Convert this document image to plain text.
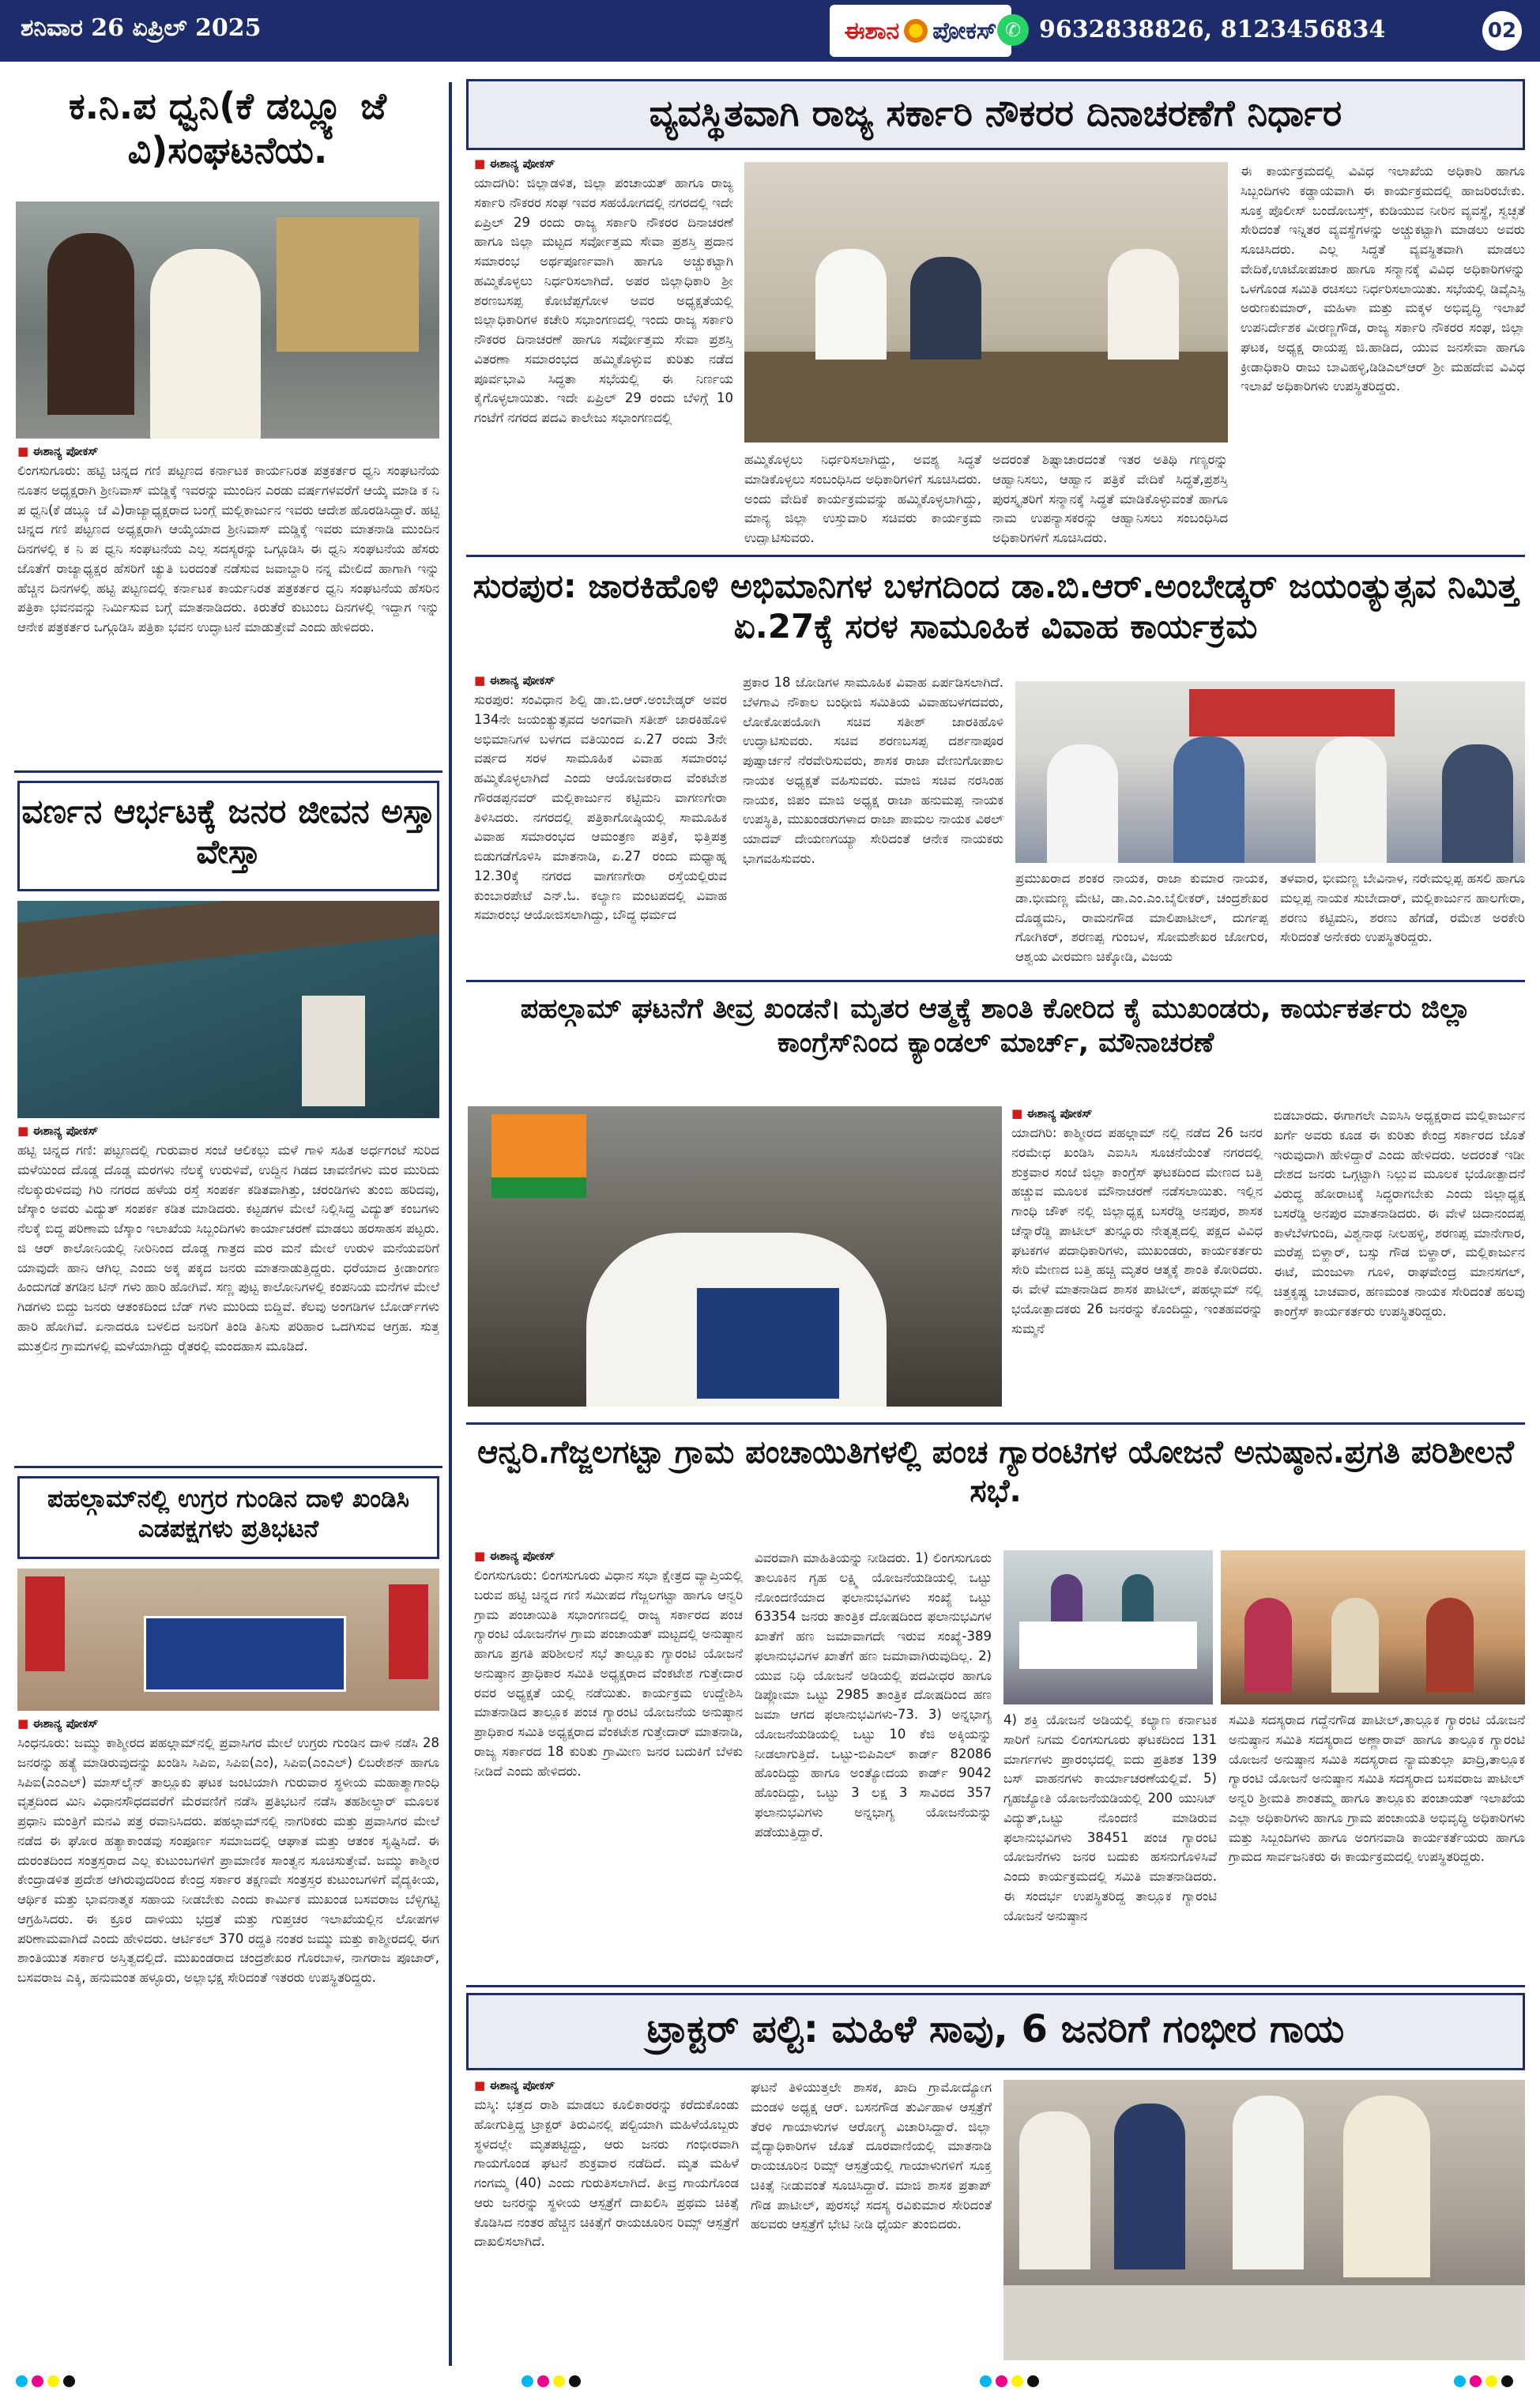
ಶನಿವಾರ 26 ಏಪ್ರಿಲ್ 2025	ಈಶಾನ ಪೋಕಸ್ ✆ 9632838826, 8123456834	02
ಕ.ನಿ.ಪ ಧ್ವನಿ(ಕೆ ಡಬ್ಲ್ಯೂ ಜೆ ವಿ)ಸಂಘಟನೆಯ.
■ ಈಶಾನ್ಯ ಪೋಕಸ್
ಲಿಂಗಸುಗೂರು: ಹಟ್ಟಿ ಚಿನ್ನದ ಗಣಿ ಪಟ್ಟಣದ ಕರ್ನಾಟಕ ಕಾರ್ಯನಿರತ ಪತ್ರಕರ್ತರ ಧ್ವನಿ ಸಂಘಟನೆಯ ನೂತನ ಅಧ್ಯಕ್ಷರಾಗಿ ಶ್ರೀನಿವಾಸ್ ಮಡ್ಡಿಕ್ಕೆ ಇವರನ್ನು ಮುಂದಿನ ಎರಡು ವರ್ಷಗಳವರೆಗೆ ಆಯ್ಕೆ ಮಾಡಿ ಕ ನಿ ಪ ಧ್ವನಿ(ಕೆ ಡಬ್ಲ್ಯೂ ಜೆ ವಿ)ರಾಜ್ಯಾಧ್ಯಕ್ಷರಾದ ಬಂಗ್ಲೆ ಮಲ್ಲಿಕಾರ್ಜುನ ಇವರು ಆದೇಶ ಹೊರಡಿಸಿದ್ದಾರೆ. ಹಟ್ಟಿ ಚಿನ್ನದ ಗಣಿ ಪಟ್ಟಣದ ಅಧ್ಯಕ್ಷರಾಗಿ ಆಯ್ಕೆಯಾದ ಶ್ರೀನಿವಾಸ್ ಮಡ್ಡಿಕ್ಕೆ ಇವರು ಮಾತನಾಡಿ ಮುಂದಿನ ದಿನಗಳಲ್ಲಿ ಕ ನಿ ಪ ಧ್ವನಿ ಸಂಘಟನೆಯ ಎಲ್ಲ ಸದಸ್ಯರನ್ನು ಒಗ್ಗೂಡಿಸಿ ಈ ಧ್ವನಿ ಸಂಘಟನೆಯ ಹೆಸರು ಜೊತೆಗೆ ರಾಜ್ಯಾಧ್ಯಕ್ಷರ ಹೆಸರಿಗೆ ಚ್ಯುತಿ ಬರದಂತೆ ನಡೆಸುವ ಜವಾಬ್ದಾರಿ ನನ್ನ ಮೇಲಿದೆ ಹಾಗಾಗಿ ಇನ್ನು ಹೆಚ್ಚಿನ ದಿನಗಳಲ್ಲಿ ಹಟ್ಟಿ ಪಟ್ಟಣದಲ್ಲಿ ಕರ್ನಾಟಕ ಕಾರ್ಯನಿರತ ಪತ್ರಕರ್ತರ ಧ್ವನಿ ಸಂಘಟನೆಯ ಹೆಸರಿನ ಪತ್ರಿಕಾ ಭವನವನ್ನು ನಿರ್ಮಿಸುವ ಬಗ್ಗೆ ಮಾತನಾಡಿದರು. ಕಿರುತೆರೆ ಕುಟುಂಬ ದಿನಗಳಲ್ಲಿ ಇದ್ದಾಗ ಇನ್ನು ಆನೇಕ ಪತ್ರಕರ್ತರ ಒಗ್ಗೂಡಿಸಿ ಪತ್ರಿಕಾ ಭವನ ಉದ್ಘಾಟನೆ ಮಾಡುತ್ತೇವೆ ಎಂದು ಹೇಳಿದರು.
ವರ್ಣನ ಆರ್ಭಟಕ್ಕೆ ಜನರ ಜೀವನ ಅಸ್ತಾ ವೇಸ್ತಾ
■ ಈಶಾನ್ಯ ಪೋಕಸ್
ಹಟ್ಟಿ ಚಿನ್ನದ ಗಣಿ: ಪಟ್ಟಣದಲ್ಲಿ ಗುರುವಾರ ಸಂಜೆ ಆಲಿಕಲ್ಲು ಮಳೆ ಗಾಳಿ ಸಹಿತ ಅರ್ಧಗಂಟೆ ಸುರಿದ ಮಳೆಯಿಂದ ದೊಡ್ಡ ದೊಡ್ಡ ಮರಗಳು ನೆಲಕ್ಕೆ ಉರುಳಿವೆ, ಉದ್ದಿನ ಗಿಡದ ಚಾವಣಿಗಳು ಮರ ಮುರಿದು ನೆಲಕ್ಕುರುಳಿದವು ಗಿರಿ ನಗರದ ಹಳೆಯ ರಸ್ತೆ ಸಂಪರ್ಕ ಕಡಿತವಾಗಿತ್ತು, ಚರಂಡಿಗಳು ತುಂಬಿ ಹರಿದವು, ಜೆಸ್ಕಾಂ ಅವರು ವಿದ್ಯುತ್ ಸಂಪರ್ಕ ಕಡಿತ ಮಾಡಿದರು. ಕಟ್ಟಡಗಳ ಮೇಲೆ ನಿಲ್ಲಿಸಿದ್ದ ವಿದ್ಯುತ್ ಕಂಬಗಳು ನೆಲಕ್ಕೆ ಬಿದ್ದ ಪರಿಣಾಮ ಜೆಸ್ಕಾಂ ಇಲಾಖೆಯ ಸಿಬ್ಬಂದಿಗಳು ಕಾರ್ಯಾಚರಣೆ ಮಾಡಲು ಹರಸಾಹಸ ಪಟ್ಟರು. ಜಿ ಆರ್ ಕಾಲೋನಿಯಲ್ಲಿ ನೀರಿನಿಂದ ದೊಡ್ಡ ಗಾತ್ರದ ಮರ ಮನೆ ಮೇಲೆ ಉರುಳಿ ಮನೆಯವರಿಗೆ ಯಾವುದೇ ಹಾನಿ ಆಗಿಲ್ಲ ಎಂದು ಅಕ್ಕ ಪಕ್ಕದ ಜನರು ಮಾತನಾಡುತ್ತಿದ್ದರು. ಧರೆಯಾದ ಕ್ರೀಡಾಂಗಣ ಹಿಂದುಗಡೆ ತಗಡಿನ ಟಿನ್ ಗಳು ಹಾರಿ ಹೋಗಿವೆ. ಸಣ್ಣ ಪುಟ್ಟ ಕಾಲೋನಿಗಳಲ್ಲಿ ಕಂಪನಿಯ ಮನೆಗಳ ಮೇಲೆ ಗಿಡಗಳು ಬಿದ್ದು ಜನರು ಆತಂಕದಿಂದ ಬೆಡ್ ಗಳು ಮುರಿದು ಬಿದ್ದಿವೆ. ಕೆಲವು ಅಂಗಡಿಗಳ ಬೋರ್ಡ್‌ಗಳು ಹಾರಿ ಹೋಗಿವೆ. ಏನಾದರೂ ಬಳಲಿದ ಜನರಿಗೆ ತಿಂಡಿ ತಿನಿಸು ಪರಿಹಾರ ಒದಗಿಸುವ ಆಗ್ರಹ. ಸುತ್ತ ಮುತ್ತಲಿನ ಗ್ರಾಮಗಳಲ್ಲಿ ಮಳೆಯಾಗಿದ್ದು ರೈತರಲ್ಲಿ ಮಂದಹಾಸ ಮೂಡಿದೆ.
ಪಹಲ್ಗಾಮ್‌ನಲ್ಲಿ ಉಗ್ರರ ಗುಂಡಿನ ದಾಳಿ ಖಂಡಿಸಿ ಎಡಪಕ್ಷಗಳು ಪ್ರತಿಭಟನೆ
■ ಈಶಾನ್ಯ ಪೋಕಸ್
ಸಿಂಧನೂರು: ಜಮ್ಮು ಕಾಶ್ಮೀರದ ಪಹಲ್ಗಾಮ್‌ನಲ್ಲಿ ಪ್ರವಾಸಿಗರ ಮೇಲೆ ಉಗ್ರರು ಗುಂಡಿನ ದಾಳಿ ನಡೆಸಿ 28 ಜನರನ್ನು ಹತ್ಯೆ ಮಾಡಿರುವುದನ್ನು ಖಂಡಿಸಿ ಸಿಪಿಐ, ಸಿಪಿಐ(ಎಂ), ಸಿಪಿಐ(ಎಂಎಲ್) ಲಿಬರೇಶನ್ ಹಾಗೂ ಸಿಪಿಐ(ಎಂಎಲ್) ಮಾಸ್‌ಲೈನ್ ತಾಲ್ಲೂಕು ಘಟಕ ಜಂಟಿಯಾಗಿ ಗುರುವಾರ ಸ್ಥಳೀಯ ಮಹಾತ್ಮಾಗಾಂಧಿ ವೃತ್ತದಿಂದ ಮಿನಿ ವಿಧಾನಸೌಧದವರೆಗೆ ಮೆರವಣಿಗೆ ನಡೆಸಿ ಪ್ರತಿಭಟನೆ ನಡೆಸಿ ತಹಶೀಲ್ದಾರ್ ಮೂಲಕ ಪ್ರಧಾನಿ ಮಂತ್ರಿಗೆ ಮನವಿ ಪತ್ರ ರವಾನಿಸಿದರು. ಪಹಲ್ಗಾಮ್‌ನಲ್ಲಿ ನಾಗರಿಕರು ಮತ್ತು ಪ್ರವಾಸಿಗರ ಮೇಲೆ ನಡೆದ ಈ ಘೋರ ಹತ್ಯಾಕಾಂಡವು ಸಂಪೂರ್ಣ ಸಮಾಜದಲ್ಲಿ ಆಘಾತ ಮತ್ತು ಆತಂಕ ಸೃಷ್ಟಿಸಿದೆ. ಈ ದುರಂತದಿಂದ ಸಂತ್ರಸ್ತರಾದ ಎಲ್ಲ ಕುಟುಂಬಗಳಿಗೆ ಪ್ರಾಮಾಣಿಕ ಸಾಂತ್ವನ ಸೂಚಿಸುತ್ತೇವೆ. ಜಮ್ಮು ಕಾಶ್ಮೀರ ಕೇಂದ್ರಾಡಳಿತ ಪ್ರದೇಶ ಆಗಿರುವುದರಿಂದ ಕೇಂದ್ರ ಸರ್ಕಾರ ತಕ್ಷಣವೇ ಸಂತ್ರಸ್ತರ ಕುಟುಂಬಗಳಿಗೆ ವೈದ್ಯಕೀಯ, ಆರ್ಥಿಕ ಮತ್ತು ಭಾವನಾತ್ಮಕ ಸಹಾಯ ನೀಡಬೇಕು ಎಂದು ಕಾರ್ಮಿಕ ಮುಖಂಡ ಬಸವರಾಜ ಬೆಳ್ಳಿಗಟ್ಟಿ ಆಗ್ರಹಿಸಿದರು. ಈ ಕ್ರೂರ ದಾಳಿಯು ಭದ್ರತೆ ಮತ್ತು ಗುಪ್ತಚರ ಇಲಾಖೆಯಲ್ಲಿನ ಲೋಪಗಳ ಪರಿಣಾಮವಾಗಿದೆ ಎಂದು ಹೇಳಿದರು. ಆರ್ಟಿಕಲ್ 370 ರದ್ದತಿ ನಂತರ ಜಮ್ಮು ಮತ್ತು ಕಾಶ್ಮೀರದಲ್ಲಿ ಈಗ ಶಾಂತಿಯುತ ಸರ್ಕಾರ ಅಸ್ತಿತ್ವದಲ್ಲಿದೆ. ಮುಖಂಡರಾದ ಚಂದ್ರಶೇಖರ ಗೊರಬಾಳ, ನಾಗರಾಜ ಪೂಜಾರ್, ಬಸವರಾಜ ಎಕ್ಕಿ, ಹನುಮಂತ ಹಳ್ಳೂರು, ಅಲ್ಲಾಭಕ್ಷ ಸೇರಿದಂತೆ ಇತರರು ಉಪಸ್ಥಿತರಿದ್ದರು.
ವ್ಯವಸ್ಥಿತವಾಗಿ ರಾಜ್ಯ ಸರ್ಕಾರಿ ನೌಕರರ ದಿನಾಚರಣೆಗೆ ನಿರ್ಧಾರ
■ ಈಶಾನ್ಯ ಪೋಕಸ್
ಯಾದಗಿರಿ: ಜಿಲ್ಲಾಡಳಿತ, ಜಿಲ್ಲಾ ಪಂಚಾಯತ್ ಹಾಗೂ ರಾಜ್ಯ ಸರ್ಕಾರಿ ನೌಕರರ ಸಂಘ ಇವರ ಸಹಯೋಗದಲ್ಲಿ ನಗರದಲ್ಲಿ ಇದೇ ಏಪ್ರಿಲ್ 29 ರಂದು ರಾಜ್ಯ ಸರ್ಕಾರಿ ನೌಕರರ ದಿನಾಚರಣೆ ಹಾಗೂ ಜಿಲ್ಲಾ ಮಟ್ಟದ ಸರ್ವೋತ್ತಮ ಸೇವಾ ಪ್ರಶಸ್ತಿ ಪ್ರದಾನ ಸಮಾರಂಭ ಅರ್ಥಪೂರ್ಣವಾಗಿ ಹಾಗೂ ಅಚ್ಚುಕಟ್ಟಾಗಿ ಹಮ್ಮಿಕೊಳ್ಳಲು ನಿರ್ಧರಿಸಲಾಗಿದೆ. ಅಪರ ಜಿಲ್ಲಾಧಿಕಾರಿ ಶ್ರೀ ಶರಣಬಸಪ್ಪ ಕೋಟೆಪ್ಪಗೋಳ ಅವರ ಅಧ್ಯಕ್ಷತೆಯಲ್ಲಿ ಜಿಲ್ಲಾಧಿಕಾರಿಗಳ ಕಚೇರಿ ಸಭಾಂಗಣದಲ್ಲಿ ಇಂದು ರಾಜ್ಯ ಸರ್ಕಾರಿ ನೌಕರರ ದಿನಾಚರಣೆ ಹಾಗೂ ಸರ್ವೋತ್ತಮ ಸೇವಾ ಪ್ರಶಸ್ತಿ ವಿತರಣಾ ಸಮಾರಂಭದ ಹಮ್ಮಿಕೊಳ್ಳುವ ಕುರಿತು ನಡೆದ ಪೂರ್ವಭಾವಿ ಸಿದ್ಧತಾ ಸಭೆಯಲ್ಲಿ ಈ ನಿರ್ಣಯ ಕೈಗೊಳ್ಳಲಾಯಿತು. ಇದೇ ಏಪ್ರಿಲ್ 29 ರಂದು ಬೆಳಿಗ್ಗೆ 10 ಗಂಟೆಗೆ ನಗರದ ಪದವಿ ಕಾಲೇಜು ಸಭಾಂಗಣದಲ್ಲಿ
ಹಮ್ಮಿಕೊಳ್ಳಲು ನಿರ್ಧರಿಸಲಾಗಿದ್ದು, ಅವಶ್ಯ ಸಿದ್ಧತೆ ಮಾಡಿಕೊಳ್ಳಲು ಸಂಬಂಧಿಸಿದ ಅಧಿಕಾರಿಗಳಿಗೆ ಸೂಚಿಸಿದರು. ಅಂದು ವೇದಿಕೆ ಕಾರ್ಯಕ್ರಮವನ್ನು ಹಮ್ಮಿಕೊಳ್ಳಲಾಗಿದ್ದು, ಮಾನ್ಯ ಜಿಲ್ಲಾ ಉಸ್ತುವಾರಿ ಸಚಿವರು ಕಾರ್ಯಕ್ರಮ ಉದ್ಘಾಟಿಸುವರು.
ಅದರಂತೆ ಶಿಷ್ಟಾಚಾರದಂತೆ ಇತರ ಅತಿಥಿ ಗಣ್ಯರನ್ನು ಆಹ್ವಾನಿಸಲು, ಆಹ್ವಾನ ಪತ್ರಿಕೆ ವೇದಿಕೆ ಸಿದ್ಧತೆ,ಪ್ರಶಸ್ತಿ ಪುರಸ್ಕೃತರಿಗೆ ಸನ್ಮಾನಕ್ಕೆ ಸಿದ್ಧತೆ ಮಾಡಿಕೊಳ್ಳುವಂತೆ ಹಾಗೂ ನಾಮ ಉಪನ್ಯಾಸಕರನ್ನು ಆಹ್ವಾನಿಸಲು ಸಂಬಂಧಿಸಿದ ಅಧಿಕಾರಿಗಳಿಗೆ ಸೂಚಿಸಿದರು.
ಈ ಕಾರ್ಯಕ್ರಮದಲ್ಲಿ ವಿವಿಧ ಇಲಾಖೆಯ ಅಧಿಕಾರಿ ಹಾಗೂ ಸಿಬ್ಬಂದಿಗಳು ಕಡ್ಡಾಯವಾಗಿ ಈ ಕಾರ್ಯಕ್ರಮದಲ್ಲಿ ಹಾಜರಿರಬೇಕು. ಸೂಕ್ತ ಪೊಲೀಸ್ ಬಂದೋಬಸ್ತ್, ಕುಡಿಯುವ ನೀರಿನ ವ್ಯವಸ್ಥೆ, ಸ್ವಚ್ಛತೆ ಸೇರಿದಂತೆ ಇನ್ನಿತರ ವ್ಯವಸ್ಥೆಗಳನ್ನು ಅಚ್ಚುಕಟ್ಟಾಗಿ ಮಾಡಲು ಅವರು ಸೂಚಿಸಿದರು. ಎಲ್ಲ ಸಿದ್ಧತೆ ವ್ಯವಸ್ಥಿತವಾಗಿ ಮಾಡಲು ವೇದಿಕೆ,ಊಟೋಪಚಾರ ಹಾಗೂ ಸನ್ಮಾನಕ್ಕೆ ವಿವಿಧ ಅಧಿಕಾರಿಗಳನ್ನು ಒಳಗೊಂಡ ಸಮಿತಿ ರಚಿಸಲು ನಿರ್ಧರಿಸಲಾಯಿತು. ಸಭೆಯಲ್ಲಿ ಡಿವೈಎಸ್ಪಿ ಅರುಣಕುಮಾರ್, ಮಹಿಳಾ ಮತ್ತು ಮಕ್ಕಳ ಅಭಿವೃದ್ಧಿ ಇಲಾಖೆ ಉಪನಿರ್ದೇಶಕ ವೀರಣ್ಣಗೌಡ, ರಾಜ್ಯ ಸರ್ಕಾರಿ ನೌಕರರ ಸಂಘ, ಜಿಲ್ಲಾ ಘಟಕ, ಅಧ್ಯಕ್ಷ ರಾಯಪ್ಪ ಜಿ.ಹಾಡಿದ, ಯುವ ಜನಸೇವಾ ಹಾಗೂ ಕ್ರೀಡಾಧಿಕಾರಿ ರಾಜು ಬಾವಿಹಳ್ಳಿ,ಡಿಡಿಎಲ್ಆರ್ ಶ್ರೀ ಮಹದೇವ ವಿವಿಧ ಇಲಾಖೆ ಅಧಿಕಾರಿಗಳು ಉಪಸ್ಥಿತರಿದ್ದರು.
ಸುರಪುರ: ಜಾರಕಿಹೊಳಿ ಅಭಿಮಾನಿಗಳ ಬಳಗದಿಂದ ಡಾ.ಬಿ.ಆರ್.ಅಂಬೇಡ್ಕರ್ ಜಯಂತ್ಯುತ್ಸವ ನಿಮಿತ್ತ ಏ.27ಕ್ಕೆ ಸರಳ ಸಾಮೂಹಿಕ ವಿವಾಹ ಕಾರ್ಯಕ್ರಮ
■ ಈಶಾನ್ಯ ಪೋಕಸ್
ಸುರಪುರ: ಸಂವಿಧಾನ ಶಿಲ್ಪಿ ಡಾ.ಬಿ.ಆರ್.ಅಂಬೇಡ್ಕರ್ ಅವರ 134ನೇ ಜಯಂತ್ಯುತ್ಸವದ ಅಂಗವಾಗಿ ಸತೀಶ್ ಜಾರಕಿಹೊಳಿ ಅಭಿಮಾನಿಗಳ ಬಳಗದ ವತಿಯಿಂದ ಏ.27 ರಂದು 3ನೇ ವರ್ಷದ ಸರಳ ಸಾಮೂಹಿಕ ವಿವಾಹ ಸಮಾರಂಭ ಹಮ್ಮಿಕೊಳ್ಳಲಾಗಿದೆ ಎಂದು ಆಯೋಜಕರಾದ ವೆಂಕಟೇಶ ಗೌರಡಪ್ಪನವರ್ ಮಲ್ಲಿಕಾರ್ಜುನ ಕಟ್ಟಿಮನಿ ವಾಗಣಗೇರಾ ತಿಳಿಸಿದರು. ನಗರದಲ್ಲಿ ಪತ್ರಿಕಾಗೋಷ್ಠಿಯಲ್ಲಿ ಸಾಮೂಹಿಕ ವಿವಾಹ ಸಮಾರಂಭದ ಆಮಂತ್ರಣ ಪತ್ರಿಕೆ, ಭಿತ್ತಿಪತ್ರ ಬಿಡುಗಡೆಗೊಳಿಸಿ ಮಾತನಾಡಿ, ಏ.27 ರಂದು ಮಧ್ಯಾಹ್ನ 12.30ಕ್ಕೆ ನಗರದ ವಾಗಣಗೇರಾ ರಸ್ತೆಯಲ್ಲಿರುವ ಕುಂಬಾರಪೇಟೆ ಎನ್.ಓ. ಕಲ್ಯಾಣ ಮಂಟಪದಲ್ಲಿ ವಿವಾಹ ಸಮಾರಂಭ ಆಯೋಜಿಸಲಾಗಿದ್ದು, ಬೌದ್ಧ ಧರ್ಮದ
ಪ್ರಕಾರ 18 ಜೋಡಿಗಳ ಸಾಮೂಹಿಕ ವಿವಾಹ ಏರ್ಪಡಿಸಲಾಗಿದೆ. ಬೆಳಗಾವಿ ನೌಕಾಲ ಬಂಧೀಜಿ ಸಮಿತಿಯ ವಿವಾಹಬಳಗದವರು, ಲೋಕೋಪಯೋಗಿ ಸಚಿವ ಸತೀಶ್ ಜಾರಕಿಹೊಳಿ ಉದ್ಘಾಟಿಸುವರು. ಸಚಿವ ಶರಣಬಸಪ್ಪ ದರ್ಶನಾಪೂರ ಪುಷ್ಪಾರ್ಚನೆ ನೆರವೇರಿಸುವರು, ಶಾಸಕ ರಾಜಾ ವೇಣುಗೋಪಾಲ ನಾಯಕ ಅಧ್ಯಕ್ಷತೆ ವಹಿಸುವರು. ಮಾಜಿ ಸಚಿವ ನರಸಿಂಹ ನಾಯಕ, ಜಿಪಂ ಮಾಜಿ ಅಧ್ಯಕ್ಷ ರಾಜಾ ಹನುಮಪ್ಪ ನಾಯಕ ಉಪಸ್ಥಿತಿ, ಮುಖಂಡರುಗಳಾದ ರಾಜಾ ಪಾಮಲ ನಾಯಕ ವಿಠಲ್ ಯಾದವ್ ದೇಯಣಗಯ್ಯಾ ಸೇರಿದಂತೆ ಆನೇಕ ನಾಯಕರು ಭಾಗವಹಿಸುವರು.
ಪ್ರಮುಖರಾದ ಶಂಕರ ನಾಯಕ, ರಾಜಾ ಕುಮಾರ ನಾಯಕ, ಡಾ.ಭೀಮಣ್ಣ ಮೇಟಿ, ಡಾ.ಎಂ.ಎಂ.ಬೈಲೀಕರ್, ಚಂದ್ರಶೇಖರ ದೊಡ್ಡಮನಿ, ರಾಮನಗೌಡ ಮಾಲಿಪಾಟೀಲ್, ದುರ್ಗಪ್ಪ ಗೋಗಿಕರ್, ಶರಣಪ್ಪ ಗುಂಬಳ, ಸೋಮಶೇಖರ ಜೋಗುರ, ಆಶ್ವಯ ವೀರಮಣ ಚಿಕ್ಕೋಡಿ, ವಿಜಯ
ತಳವಾರ, ಭೀಮಣ್ಣ ಬೇವಿನಾಳ, ನರೇಮಲ್ಲಪ್ಪ ಹಸಲಿ ಹಾಗೂ ಮಲ್ಲಪ್ಪ ನಾಯಕ ಸುಬೇದಾರ್, ಮಲ್ಲಿಕಾರ್ಜುನ ಹಾಲಗೇರಾ, ಶರಣು ಕಟ್ಟಿಮನಿ, ಶರಣು ಹೆಗಡೆ, ರಮೇಶ ಅರಕೇರಿ ಸೇರಿದಂತೆ ಅನೇಕರು ಉಪಸ್ಥಿತರಿದ್ದರು.
ಪಹಲ್ಗಾಮ್ ಘಟನೆಗೆ ತೀವ್ರ ಖಂಡನೆ। ಮೃತರ ಆತ್ಮಕ್ಕೆ ಶಾಂತಿ ಕೋರಿದ ಕೈ ಮುಖಂಡರು, ಕಾರ್ಯಕರ್ತರು ಜಿಲ್ಲಾ ಕಾಂಗ್ರೆಸ್‌ನಿಂದ ಕ್ಯಾಂಡಲ್ ಮಾರ್ಚ್, ಮೌನಾಚರಣೆ
■ ಈಶಾನ್ಯ ಪೋಕಸ್
ಯಾದಗಿರಿ: ಕಾಶ್ಮೀರದ ಪಹಲ್ಗಾಮ್ ನಲ್ಲಿ ನಡೆದ 26 ಜನರ ನರಮೇಧ ಖಂಡಿಸಿ ಎಐಸಿಸಿ ಸೂಚನೆಯೆಂತೆ ನಗರದಲ್ಲಿ ಶುಕ್ರವಾರ ಸಂಜೆ ಜಿಲ್ಲಾ ಕಾಂಗ್ರೆಸ್ ಘಟಕದಿಂದ ಮೇಣದ ಬತ್ತಿ ಹಚ್ಚುವ ಮೂಲಕ ಮೌನಾಚರಣೆ ನಡೆಸಲಾಯಿತು. ಇಲ್ಲಿನ ಗಾಂಧಿ ಚೌಕ್ ನಲ್ಲಿ ಜಿಲ್ಲಾಧ್ಯಕ್ಷ ಬಸರೆಡ್ಡಿ ಅನಪುರ, ಶಾಸಕ ಚೆನ್ನಾರೆಡ್ಡಿ ಪಾಟೀಲ್ ತುನ್ನೂರು ನೇತೃತ್ವದಲ್ಲಿ ಪಕ್ಷದ ವಿವಿಧ ಘಟಕಗಳ ಪದಾಧಿಕಾರಿಗಳು, ಮುಖಂಡರು, ಕಾರ್ಯಕರ್ತರು ಸೇರಿ ಮೇಣದ ಬತ್ತಿ ಹಚ್ಚಿ ಮೃತರ ಆತ್ಮಕ್ಕೆ ಶಾಂತಿ ಕೋರಿದರು. ಈ ವೇಳೆ ಮಾತನಾಡಿದ ಶಾಸಕ ಪಾಟೀಲ್, ಪಹಲ್ಗಾಮ್ ನಲ್ಲಿ ಭಯೋತ್ಪಾದಕರು 26 ಜನರನ್ನು ಕೊಂದಿದ್ದು, ಇಂತಹವರನ್ನು ಸುಮ್ಮನೆ
ಬಿಡಬಾರದು. ಈಗಾಗಲೇ ಎಐಸಿಸಿ ಅಧ್ಯಕ್ಷರಾದ ಮಲ್ಲಿಕಾರ್ಜುನ ಖರ್ಗೆ ಅವರು ಕೂಡ ಈ ಕುರಿತು ಕೇಂದ್ರ ಸರ್ಕಾರದ ಜೊತೆ ಇರುವುದಾಗಿ ಹೇಳಿದ್ದಾರೆ ಎಂದು ಹೇಳಿದರು. ಅದರಂತೆ ಇಡೀ ದೇಶದ ಜನರು ಒಗ್ಗಟ್ಟಾಗಿ ನಿಲ್ಲುವ ಮೂಲಕ ಭಯೋತ್ಪಾದನೆ ವಿರುದ್ಧ ಹೋರಾಟಕ್ಕೆ ಸಿದ್ಧರಾಗಬೇಕು ಎಂದು ಜಿಲ್ಲಾಧ್ಯಕ್ಷ ಬಸರೆಡ್ಡಿ ಅನಪುರ ಮಾತನಾಡಿದರು. ಈ ವೇಳೆ ಚಿದಾನಂದಪ್ಪ ಕಾಳೆಬೆಳಗುಂದಿ, ವಿಶ್ವನಾಥ ನೀಲಹಳ್ಳಿ, ಶರಣಪ್ಪ ಮಾನೇಗಾರ, ಮರೆಪ್ಪ ಬಿಳ್ಹಾರ್, ಬಸ್ಸು ಗೌಡ ಬಿಳ್ಹಾರ್, ಮಲ್ಲಿಕಾರ್ಜುನ ಈಟೆ, ಮಂಜುಳಾ ಗೂಳಿ, ರಾಘವೇಂದ್ರ ಮಾನಸಗಲ್, ಚಿತ್ತಕೃಷ್ಣ ಬಾಚವಾರ, ಹಣಮಂತ ನಾಯಕ ಸೇರಿದಂತೆ ಹಲವು ಕಾಂಗ್ರೆಸ್ ಕಾರ್ಯಕರ್ತರು ಉಪಸ್ಥಿತರಿದ್ದರು.
ಆನ್ವರಿ.ಗೆಜ್ಜಲಗಟ್ಟಾ ಗ್ರಾಮ ಪಂಚಾಯಿತಿಗಳಲ್ಲಿ ಪಂಚ ಗ್ಯಾರಂಟಿಗಳ ಯೋಜನೆ ಅನುಷ್ಠಾನ.ಪ್ರಗತಿ ಪರಿಶೀಲನೆ ಸಭೆ.
■ ಈಶಾನ್ಯ ಪೋಕಸ್
ಲಿಂಗಸುಗೂರು: ಲಿಂಗಸುಗೂರು ವಿಧಾನ ಸಭಾ ಕ್ಷೇತ್ರದ ವ್ಯಾಪ್ತಿಯಲ್ಲಿ ಬರುವ ಹಟ್ಟಿ ಚಿನ್ನದ ಗಣಿ ಸಮೀಪದ ಗೆಜ್ಜಲಗಟ್ಟಾ ಹಾಗೂ ಆನ್ವರಿ ಗ್ರಾಮ ಪಂಚಾಯಿತಿ ಸಭಾಂಗಣದಲ್ಲಿ ರಾಜ್ಯ ಸರ್ಕಾರದ ಪಂಚ ಗ್ಯಾರಂಟಿ ಯೋಜನೆಗಳ ಗ್ರಾಮ ಪಂಚಾಯತ್ ಮಟ್ಟದಲ್ಲಿ ಅನುಷ್ಠಾನ ಹಾಗೂ ಪ್ರಗತಿ ಪರಿಶೀಲನೆ ಸಭೆ ತಾಲ್ಲೂಕು ಗ್ಯಾರಂಟಿ ಯೋಜನೆ ಅನುಷ್ಠಾನ ಪ್ರಾಧಿಕಾರ ಸಮಿತಿ ಅಧ್ಯಕ್ಷರಾದ ವೆಂಕಟೇಶ ಗುತ್ತೇದಾರ ರವರ ಅಧ್ಯಕ್ಷತೆ ಯಲ್ಲಿ ನಡೆಯಿತು. ಕಾರ್ಯಕ್ರಮ ಉದ್ದೇಶಿಸಿ ಮಾತನಾಡಿದ ತಾಲ್ಲೂಕ ಪಂಚ ಗ್ಯಾರಂಟಿ ಯೋಜನೆಯ ಅನುಷ್ಠಾನ ಪ್ರಾಧಿಕಾರ ಸಮಿತಿ ಅಧ್ಯಕ್ಷರಾದ ವೆಂಕಟೇಶ ಗುತ್ತೇದಾರ್ ಮಾತನಾಡಿ, ರಾಜ್ಯ ಸರ್ಕಾರದ 18 ಕುರಿತು ಗ್ರಾಮೀಣ ಜನರ ಬದುಕಿಗೆ ಬೆಳಕು ನೀಡಿದೆ ಎಂದು ಹೇಳಿದರು.
ವಿವರವಾಗಿ ಮಾಹಿತಿಯನ್ನು ನೀಡಿದರು. 1) ಲಿಂಗಸುಗೂರು ತಾಲೂಕಿನ ಗೃಹ ಲಕ್ಷ್ಮಿ ಯೋಜನೆಯಡಿಯಲ್ಲಿ ಒಟ್ಟು ನೋಂದಣಿಯಾದ ಫಲಾನುಭವಿಗಳು ಸಂಖ್ಯೆ ಒಟ್ಟು 63354 ಜನರು ತಾಂತ್ರಿಕ ದೋಷದಿಂದ ಫಲಾನುಭವಿಗಳ ಖಾತೆಗೆ ಹಣ ಜಮಾವಾಗದೇ ಇರುವ ಸಂಖ್ಯೆ-389 ಫಲಾನುಭವಿಗಳ ಖಾತೆಗೆ ಹಣ ಜಮಾವಾಗಿರುವುದಿಲ್ಲ. 2) ಯುವ ನಿಧಿ ಯೋಜನೆ ಅಡಿಯಲ್ಲಿ ಪದವೀಧರ ಹಾಗೂ ಡಿಪ್ಲೋಮಾ ಒಟ್ಟು 2985 ತಾಂತ್ರಿಕ ದೋಷದಿಂದ ಹಣ ಜಮಾ ಆಗದ ಫಲಾನುಭವಿಗಳು-73. 3) ಅನ್ನಭಾಗ್ಯ ಯೋಜನೆಯಡಿಯಲ್ಲಿ ಒಟ್ಟು 10 ಕೆಜಿ ಅಕ್ಕಿಯನ್ನು ನೀಡಲಾಗುತ್ತಿದೆ. ಒಟ್ಟು-ಬಿಪಿಎಲ್ ಕಾರ್ಡ್ 82086 ಹೊಂದಿದ್ದು ಹಾಗೂ ಅಂತ್ಯೋದಯ ಕಾರ್ಡ್ 9042 ಹೊಂದಿದ್ದು, ಒಟ್ಟು 3 ಲಕ್ಷ 3 ಸಾವಿರದ 357 ಫಲಾನುಭವಿಗಳು ಅನ್ನಭಾಗ್ಯ ಯೋಜನೆಯನ್ನು ಪಡೆಯುತ್ತಿದ್ದಾರೆ.
4) ಶಕ್ತಿ ಯೋಜನೆ ಅಡಿಯಲ್ಲಿ ಕಲ್ಯಾಣ ಕರ್ನಾಟಕ ಸಾರಿಗೆ ನಿಗಮ ಲಿಂಗಸುಗೂರು ಘಟಕದಿಂದ 131 ಮಾರ್ಗಗಳು ಪ್ರಾರಂಭದಲ್ಲಿ ಐದು ಪ್ರತಿಶತ 139 ಬಸ್ ವಾಹನಗಳು ಕಾರ್ಯಾಚರಣೆಯಲ್ಲಿವೆ. 5) ಗೃಹಜ್ಯೋತಿ ಯೋಜನೆಯಡಿಯಲ್ಲಿ 200 ಯುನಿಟ್ ವಿದ್ಯುತ್,ಒಟ್ಟು ನೊಂದಣಿ ಮಾಡಿರುವ ಫಲಾನುಭವಿಗಳು 38451 ಪಂಚ ಗ್ಯಾರಂಟಿ ಯೋಜನೆಗಳು ಜನರ ಬದುಕು ಹಸನುಗೊಳಿಸಿವೆ ಎಂದು ಕಾರ್ಯಕ್ರಮದಲ್ಲಿ ಸಮಿತಿ ಮಾತನಾಡಿದರು. ಈ ಸಂದರ್ಭ ಉಪಸ್ಥಿತರಿದ್ದ ತಾಲ್ಲೂಕ ಗ್ಯಾರಂಟಿ ಯೋಜನೆ ಅನುಷ್ಠಾನ
ಸಮಿತಿ ಸದಸ್ಯರಾದ ಗದ್ದೆನಗೌಡ ಪಾಟೀಲ್,ತಾಲ್ಲೂಕ ಗ್ಯಾರಂಟಿ ಯೋಜನೆ ಅನುಷ್ಠಾನ ಸಮಿತಿ ಸದಸ್ಯರಾದ ಅಣ್ಣಾರಾವ್ ಹಾಗೂ ತಾಲ್ಲೂಕ ಗ್ಯಾರಂಟಿ ಯೋಜನೆ ಅನುಷ್ಠಾನ ಸಮಿತಿ ಸದಸ್ಯರಾದ ನ್ಯಾಮತುಲ್ಲಾ ಖಾದ್ರಿ,ತಾಲ್ಲೂಕ ಗ್ಯಾರಂಟಿ ಯೋಜನೆ ಅನುಷ್ಠಾನ ಸಮಿತಿ ಸದಸ್ಯರಾದ ಬಸವರಾಜ ಪಾಟೀಲ್ ಅನ್ವರಿ ಶ್ರೀಮತಿ ಶಾಂತಮ್ಮ ಹಾಗೂ ತಾಲ್ಲೂಕು ಪಂಚಾಯತ್ ಇಲಾಖೆಯ ಎಲ್ಲಾ ಅಧಿಕಾರಿಗಳು ಹಾಗೂ ಗ್ರಾಮ ಪಂಚಾಯತಿ ಅಭಿವೃದ್ಧಿ ಅಧಿಕಾರಿಗಳು ಮತ್ತು ಸಿಬ್ಬಂದಿಗಳು ಹಾಗೂ ಅಂಗನವಾಡಿ ಕಾರ್ಯಕರ್ತೆಯರು ಹಾಗೂ ಗ್ರಾಮದ ಸಾರ್ವಜನಿಕರು ಈ ಕಾರ್ಯಕ್ರಮದಲ್ಲಿ ಉಪಸ್ಥಿತರಿದ್ದರು.
ಟ್ರಾಕ್ಟರ್ ಪಲ್ಟಿ: ಮಹಿಳೆ ಸಾವು, 6 ಜನರಿಗೆ ಗಂಭೀರ ಗಾಯ
■ ಈಶಾನ್ಯ ಪೋಕಸ್
ಮಸ್ಕಿ: ಭತ್ತದ ರಾಶಿ ಮಾಡಲು ಕೂಲಿಕಾರರನ್ನು ಕರೆದುಕೊಂಡು ಹೋಗುತ್ತಿದ್ದ ಟ್ರಾಕ್ಟರ್ ತಿರುವಿನಲ್ಲಿ ಪಲ್ಟಿಯಾಗಿ ಮಹಿಳೆಯೊಬ್ಬರು ಸ್ಥಳದಲ್ಲೇ ಮೃತಪಟ್ಟಿದ್ದು, ಆರು ಜನರು ಗಂಭೀರವಾಗಿ ಗಾಯಗೊಂಡ ಘಟನೆ ಶುಕ್ರವಾರ ನಡೆದಿದೆ. ಮೃತ ಮಹಿಳೆ ಗಂಗಮ್ಮ (40) ಎಂದು ಗುರುತಿಸಲಾಗಿದೆ. ತೀವ್ರ ಗಾಯಗೊಂಡ ಆರು ಜನರನ್ನು ಸ್ಥಳೀಯ ಆಸ್ಪತ್ರೆಗೆ ದಾಖಲಿಸಿ ಪ್ರಥಮ ಚಿಕಿತ್ಸೆ ಕೊಡಿಸಿದ ನಂತರ ಹೆಚ್ಚಿನ ಚಿಕಿತ್ಸೆಗೆ ರಾಯಚೂರಿನ ರಿಮ್ಸ್ ಆಸ್ಪತ್ರೆಗೆ ದಾಖಲಿಸಲಾಗಿದೆ.
ಘಟನೆ ತಿಳಿಯುತ್ತಲೇ ಶಾಸಕ, ಖಾದಿ ಗ್ರಾಮೋದ್ಯೋಗ ಮಂಡಳಿ ಅಧ್ಯಕ್ಷ ಆರ್. ಬಸನಗೌಡ ತುರ್ವಿಹಾಳ ಆಸ್ಪತ್ರೆಗೆ ತೆರಳಿ ಗಾಯಾಳುಗಳ ಆರೋಗ್ಯ ವಿಚಾರಿಸಿದ್ದಾರೆ. ಜಿಲ್ಲಾ ವೈದ್ಯಾಧಿಕಾರಿಗಳ ಜೊತೆ ದೂರವಾಣಿಯಲ್ಲಿ ಮಾತನಾಡಿ ರಾಯಚೂರಿನ ರಿಮ್ಸ್ ಆಸ್ಪತ್ರೆಯಲ್ಲಿ ಗಾಯಾಳುಗಳಿಗೆ ಸೂಕ್ತ ಚಿಕಿತ್ಸೆ ನೀಡುವಂತೆ ಸೂಚಿಸಿದ್ದಾರೆ. ಮಾಜಿ ಶಾಸಕ ಪ್ರತಾಪ್ ಗೌಡ ಪಾಟೀಲ್, ಪುರಸಭೆ ಸದಸ್ಯ ರವಿಕುಮಾರ ಸೇರಿದಂತೆ ಹಲವರು ಆಸ್ಪತ್ರೆಗೆ ಭೇಟಿ ನೀಡಿ ಧೈರ್ಯ ತುಂಬಿದರು.
